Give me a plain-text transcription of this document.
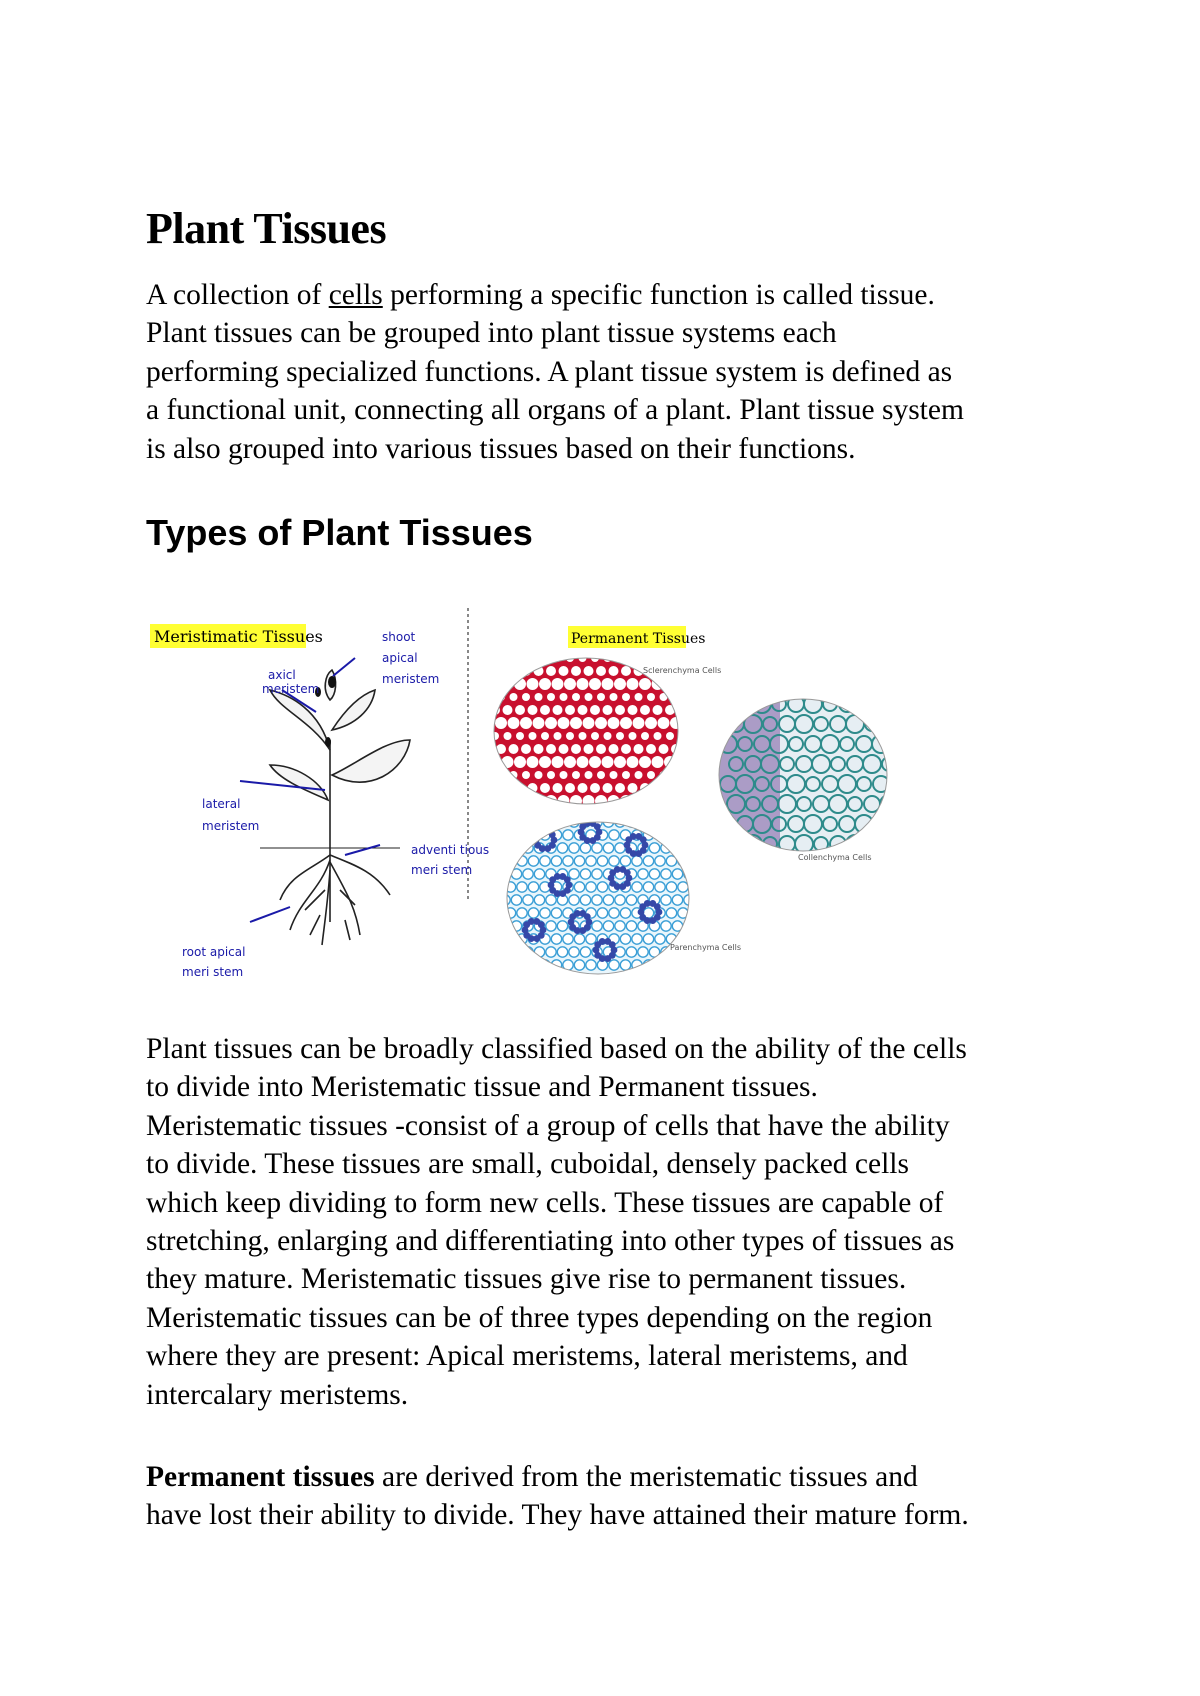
Plant Tissues

A collection of cells performing a specific function is called tissue.
Plant tissues can be grouped into plant tissue systems each
performing specialized functions. A plant tissue system is defined as
a functional unit, connecting all organs of a plant. Plant tissue system
is also grouped into various tissues based on their functions.

Types of Plant Tissues
Meristimatic Tissues
axicl
meristem
shoot
apical
meristem
lateral
meristem
adventi tious
meri stem
root apical
meri stem
Permanent Tissues
Sclerenchyma Cells
Collenchyma Cells
Parenchyma Cells

Plant tissues can be broadly classified based on the ability of the cells
to divide into Meristematic tissue and Permanent tissues.
Meristematic tissues -consist of a group of cells that have the ability
to divide. These tissues are small, cuboidal, densely packed cells
which keep dividing to form new cells. These tissues are capable of
stretching, enlarging and differentiating into other types of tissues as
they mature. Meristematic tissues give rise to permanent tissues.
Meristematic tissues can be of three types depending on the region
where they are present: Apical meristems, lateral meristems, and
intercalary meristems.

Permanent tissues are derived from the meristematic tissues and
have lost their ability to divide. They have attained their mature form.
